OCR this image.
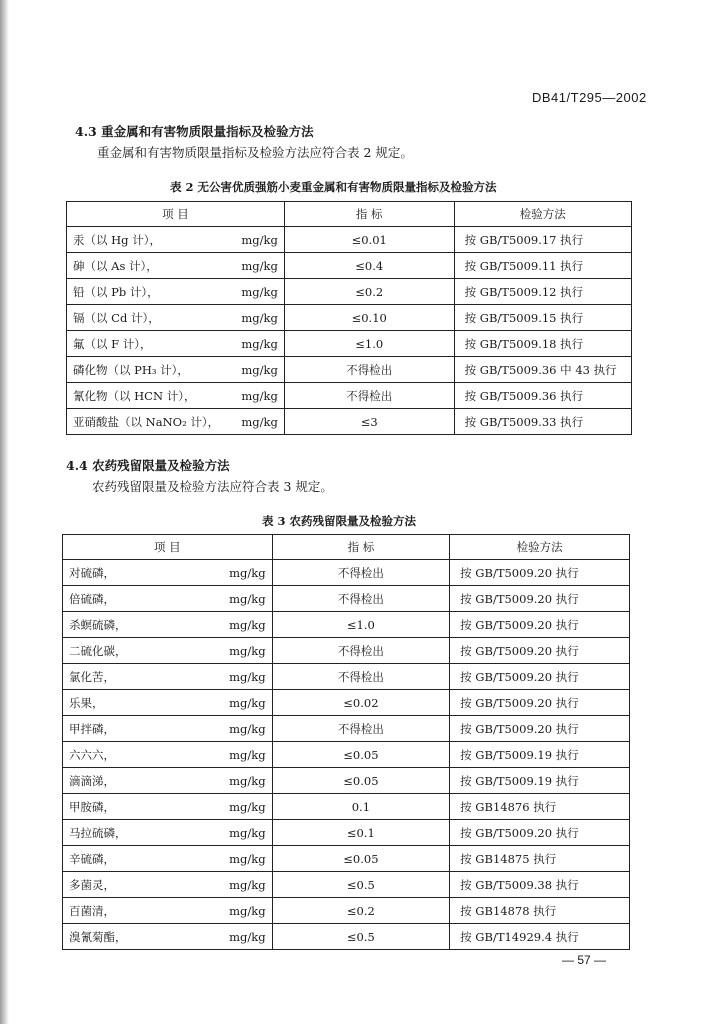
DB41/T295—2002
4.3 重金属和有害物质限量指标及检验方法
重金属和有害物质限量指标及检验方法应符合表 2 规定。
表 2 无公害优质强筋小麦重金属和有害物质限量指标及检验方法
项 目		指 标	检验方法
汞（以 Hg 计），	mg/kg	≤0.01	按 GB/T5009.17 执行
砷（以 As 计），	mg/kg	≤0.4	按 GB/T5009.11 执行
铅（以 Pb 计），	mg/kg	≤0.2	按 GB/T5009.12 执行
镉（以 Cd 计），	mg/kg	≤0.10	按 GB/T5009.15 执行
氟（以 F 计），	mg/kg	≤1.0	按 GB/T5009.18 执行
磷化物（以 PH₃ 计），	mg/kg	不得检出	按 GB/T5009.36 中 43 执行
氰化物（以 HCN 计），	mg/kg	不得检出	按 GB/T5009.36 执行
亚硝酸盐（以 NaNO₂ 计），	mg/kg	≤3	按 GB/T5009.33 执行
4.4 农药残留限量及检验方法
农药残留限量及检验方法应符合表 3 规定。
表 3 农药残留限量及检验方法
项 目		指 标	检验方法
对硫磷，	mg/kg	不得检出	按 GB/T5009.20 执行
倍硫磷，	mg/kg	不得检出	按 GB/T5009.20 执行
杀螟硫磷，	mg/kg	≤1.0	按 GB/T5009.20 执行
二硫化碳，	mg/kg	不得检出	按 GB/T5009.20 执行
氯化苦，	mg/kg	不得检出	按 GB/T5009.20 执行
乐果，	mg/kg	≤0.02	按 GB/T5009.20 执行
甲拌磷，	mg/kg	不得检出	按 GB/T5009.20 执行
六六六，	mg/kg	≤0.05	按 GB/T5009.19 执行
滴滴涕，	mg/kg	≤0.05	按 GB/T5009.19 执行
甲胺磷，	mg/kg	0.1	按 GB14876 执行
马拉硫磷，	mg/kg	≤0.1	按 GB/T5009.20 执行
辛硫磷，	mg/kg	≤0.05	按 GB14875 执行
多菌灵，	mg/kg	≤0.5	按 GB/T5009.38 执行
百菌清，	mg/kg	≤0.2	按 GB14878 执行
溴氰菊酯，	mg/kg	≤0.5	按 GB/T14929.4 执行
— 57 —
